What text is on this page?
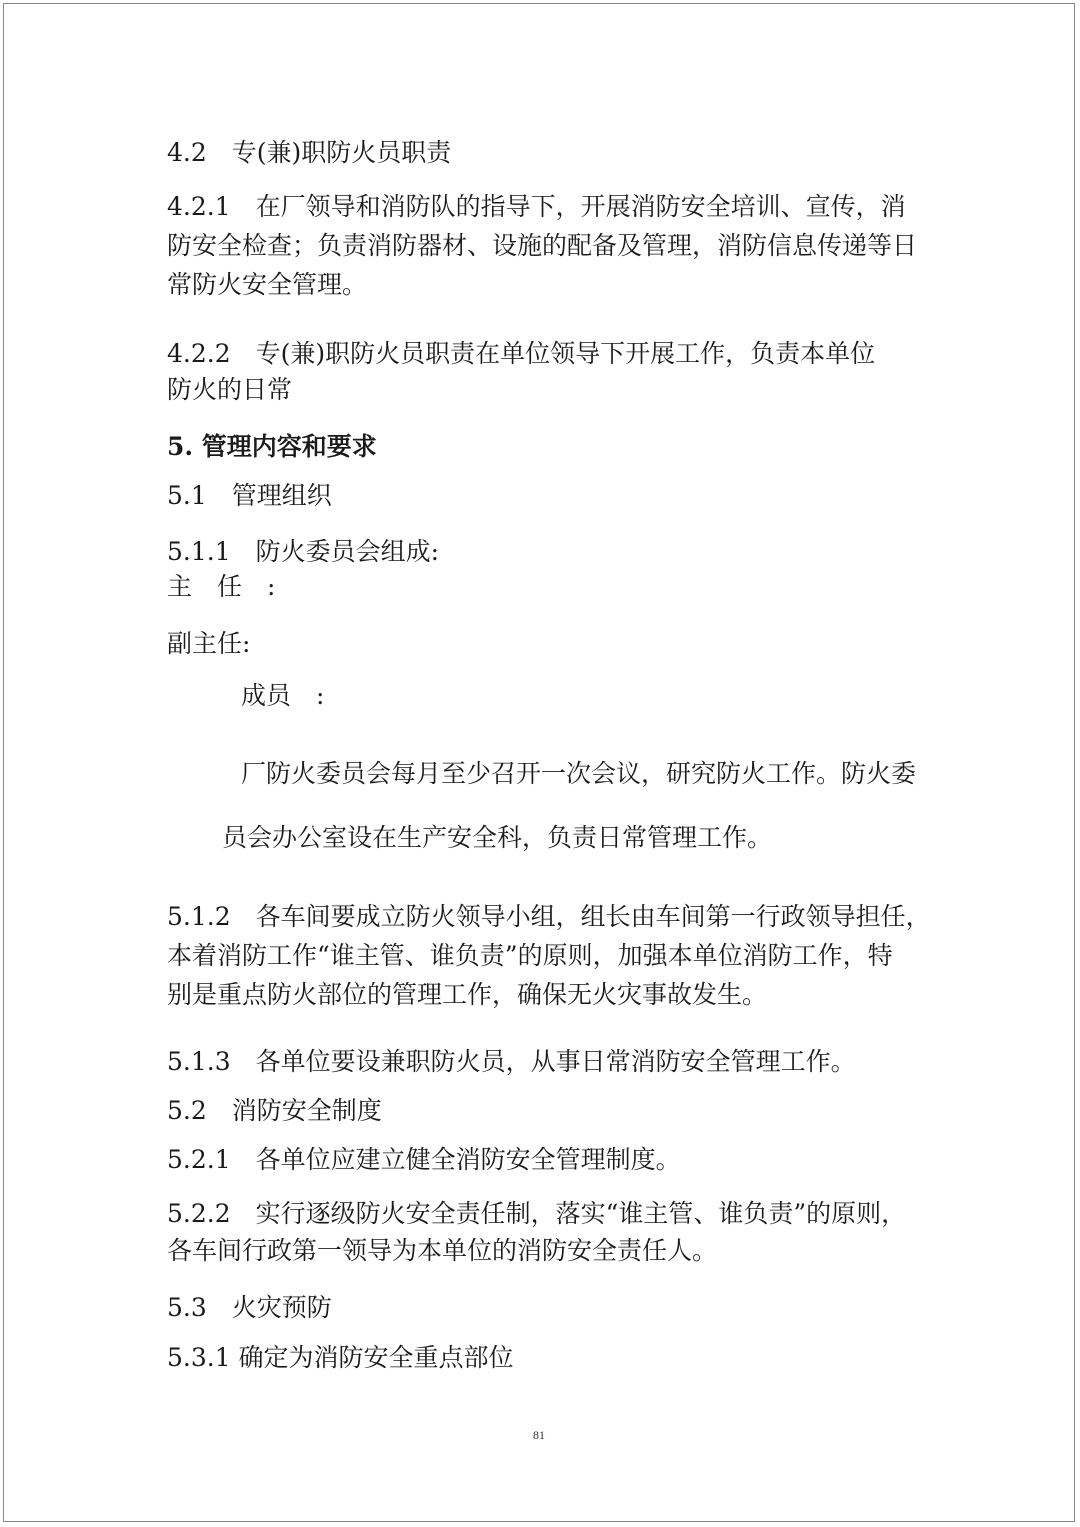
4.2　专(兼)职防火员职责

4.2.1　在厂领导和消防队的指导下，开展消防安全培训、宣传，消

防安全检查；负责消防器材、设施的配备及管理，消防信息传递等日

常防火安全管理。

4.2.2　专(兼)职防火员职责在单位领导下开展工作，负责本单位

防火的日常

5. 管理内容和要求

5.1　管理组织

5.1.1　防火委员会组成:

主　任　:

副主任:

成员　:

厂防火委员会每月至少召开一次会议，研究防火工作。防火委

员会办公室设在生产安全科，负责日常管理工作。

5.1.2　各车间要成立防火领导小组，组长由车间第一行政领导担任，

本着消防工作“谁主管、谁负责”的原则，加强本单位消防工作，特

别是重点防火部位的管理工作，确保无火灾事故发生。

5.1.3　各单位要设兼职防火员，从事日常消防安全管理工作。

5.2　消防安全制度

5.2.1　各单位应建立健全消防安全管理制度。

5.2.2　实行逐级防火安全责任制，落实“谁主管、谁负责”的原则，

各车间行政第一领导为本单位的消防安全责任人。

5.3　火灾预防

5.3.1 确定为消防安全重点部位

81
